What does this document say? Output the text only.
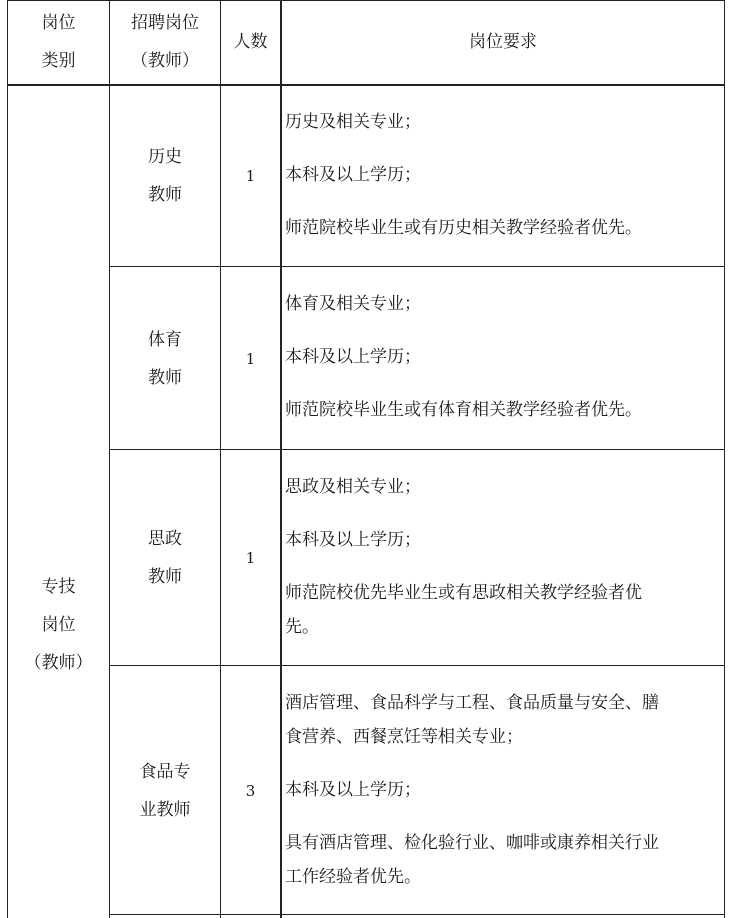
岗位
类别
招聘岗位
（教师）
人数	岗位要求
专技
岗位
（教师）
历史
教师
1
历史及相关专业；
本科及以上学历；
师范院校毕业生或有历史相关教学经验者优先。
体育
教师
1
体育及相关专业；
本科及以上学历；
师范院校毕业生或有体育相关教学经验者优先。
思政
教师
1
思政及相关专业；
本科及以上学历；
师范院校优先毕业生或有思政相关教学经验者优
先。
食品专
业教师
3
酒店管理、食品科学与工程、食品质量与安全、膳
食营养、西餐烹饪等相关专业；
本科及以上学历；
具有酒店管理、检化验行业、咖啡或康养相关行业
工作经验者优先。
